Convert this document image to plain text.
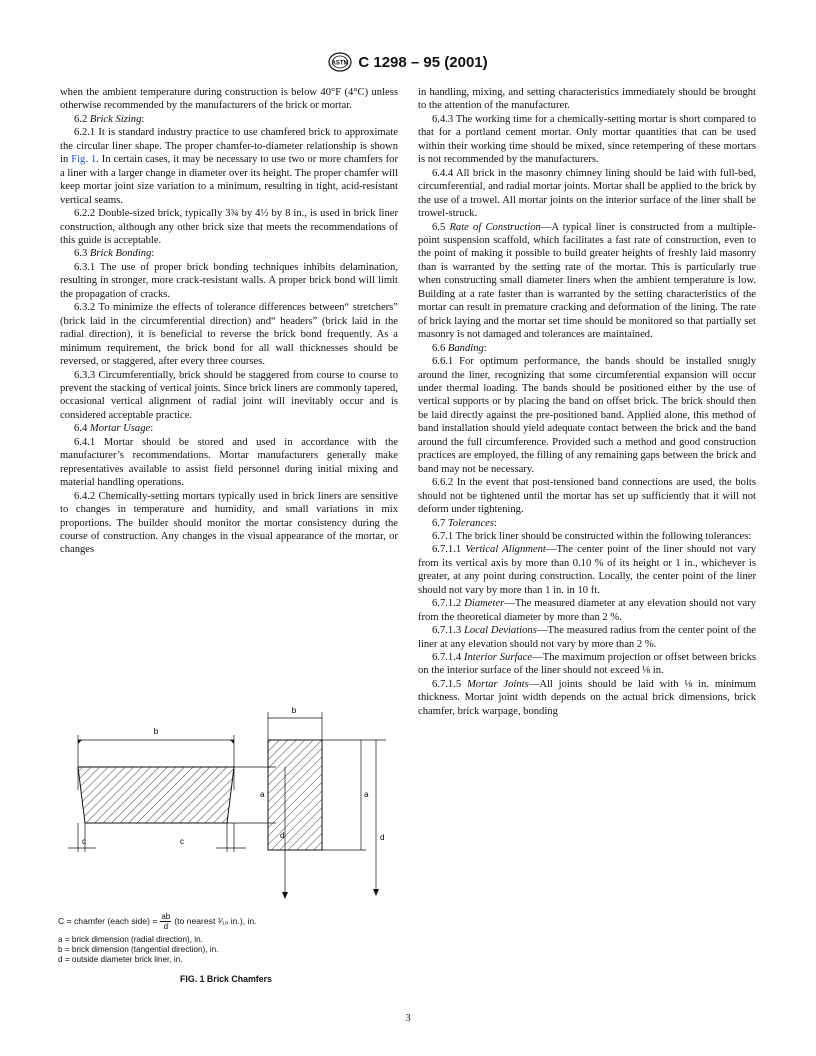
ASTM C 1298 – 95 (2001)

when the ambient temperature during construction is below 40°F (4°C) unless otherwise recommended by the manufacturers of the brick or mortar.

6.2 Brick Sizing:

6.2.1 It is standard industry practice to use chamfered brick to approximate the circular liner shape. The proper chamfer-to-diameter relationship is shown in Fig. 1. In certain cases, it may be necessary to use two or more chamfers for a liner with a larger change in diameter over its height. The proper chamfer will keep mortar joint size variation to a minimum, resulting in tight, acid-resistant vertical seams.

6.2.2 Double-sized brick, typically 3¾ by 4½ by 8 in., is used in brick liner construction, although any other brick size that meets the recommendations of this guide is acceptable.

6.3 Brick Bonding:

6.3.1 The use of proper brick bonding techniques inhibits delamination, resulting in stronger, more crack-resistant walls. A proper brick bond will limit the propagation of cracks.

6.3.2 To minimize the effects of tolerance differences between“ stretchers” (brick laid in the circumferential direction) and“ headers” (brick laid in the radial direction), it is beneficial to reverse the brick bond frequently. As a minimum requirement, the brick bond for all wall thicknesses should be reversed, or staggered, after every three courses.

6.3.3 Circumferentially, brick should be staggered from course to course to prevent the stacking of vertical joints. Since brick liners are commonly tapered, occasional vertical alignment of radial joint will inevitably occur and is considered acceptable practice.

6.4 Mortar Usage:

6.4.1 Mortar should be stored and used in accordance with the manufacturer’s recommendations. Mortar manufacturers generally make representatives available to assist field personnel during initial mixing and material handling operations.

6.4.2 Chemically-setting mortars typically used in brick liners are sensitive to changes in temperature and humidity, and small variations in mix proportions. The builder should monitor the mortar consistency during the course of construction. Any changes in the visual appearance of the mortar, or changes

in handling, mixing, and setting characteristics immediately should be brought to the attention of the manufacturer.

6.4.3 The working time for a chemically-setting mortar is short compared to that for a portland cement mortar. Only mortar quantities that can be used within their working time should be mixed, since retempering of these mortars is not recommended by the manufacturers.

6.4.4 All brick in the masonry chimney lining should be laid with full-bed, circumferential, and radial mortar joints. Mortar shall be applied to the brick by the use of a trowel. All mortar joints on the interior surface of the liner shall be trowel-struck.

6.5 Rate of Construction—A typical liner is constructed from a multiple-point suspension scaffold, which facilitates a fast rate of construction, even to the point of making it possible to build greater heights of freshly laid masonry than is warranted by the setting rate of the mortar. This is particularly true when constructing small diameter liners when the ambient temperature is low. Building at a rate faster than is warranted by the setting characteristics of the mortar can result in premature cracking and deformation of the lining. The rate of brick laying and the mortar set time should be monitored so that partially set masonry is not damaged and tolerances are maintained.

6.6 Banding:

6.6.1 For optimum performance, the bands should be installed snugly around the liner, recognizing that some circumferential expansion will occur under thermal loading. The bands should be positioned either by the use of vertical supports or by placing the band on offset brick. The brick should then be laid directly against the pre-positioned band. Applied alone, this method of band installation should yield adequate contact between the brick and the band around the full circumference. Provided such a method and good construction practices are employed, the filling of any remaining gaps between the brick and band may not be necessary.

6.6.2 In the event that post-tensioned band connections are used, the bolts should not be tightened until the mortar has set up sufficiently that it will not deform under tightening.

6.7 Tolerances:

6.7.1 The brick liner should be constructed within the following tolerances:

6.7.1.1 Vertical Alignment—The center point of the liner should not vary from its vertical axis by more than 0.10 % of its height or 1 in., whichever is greater, at any point during construction. Locally, the center point of the liner should not vary by more than 1 in. in 10 ft.

6.7.1.2 Diameter—The measured diameter at any elevation should not vary from the theoretical diameter by more than 2 %.

6.7.1.3 Local Deviations—The measured radius from the center point of the liner at any elevation should not vary by more than 2 %.

6.7.1.4 Interior Surface—The maximum projection or offset between bricks on the interior surface of the liner should not exceed ⅛ in.

6.7.1.5 Mortar Joints—All joints should be laid with ⅛ in. minimum thickness. Mortar joint width depends on the actual brick dimensions, brick chamfer, brick warpage, bonding

b
a
c	c
b
a
d
C = chamfer (each side) = $\frac{ab}{d} (to$ nearest ¹⁄₁₆ in.), in.
a = brick dimension (radial direction), in.
b = brick dimension (tangential direction), in.
d = outside diameter brick liner, in.
FIG. 1 Brick Chamfers
3
